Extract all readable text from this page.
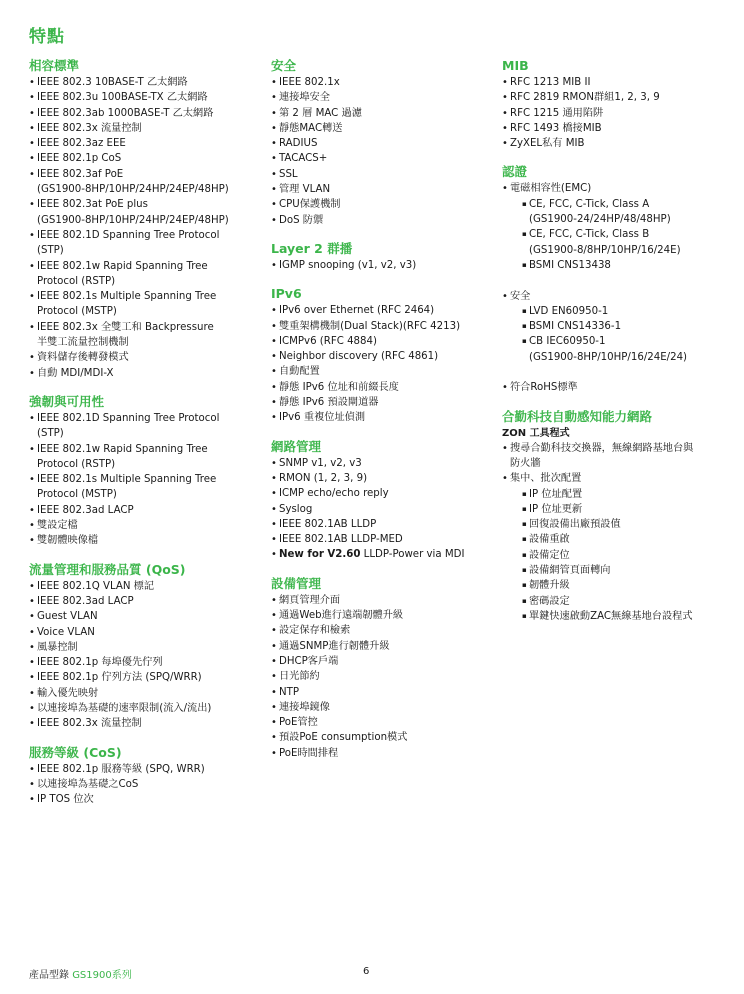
特點
相容標準
• IEEE 802.3 10BASE-T 乙太網路
• IEEE 802.3u 100BASE-TX 乙太網路
• IEEE 802.3ab 1000BASE-T 乙太網路
• IEEE 802.3x 流量控制
• IEEE 802.3az EEE
• IEEE 802.1p CoS
• IEEE 802.3af PoE
(GS1900-8HP/10HP/24HP/24EP/48HP)
• IEEE 802.3at PoE plus
(GS1900-8HP/10HP/24HP/24EP/48HP)
• IEEE 802.1D Spanning Tree Protocol
(STP)
• IEEE 802.1w Rapid Spanning Tree
Protocol (RSTP)
• IEEE 802.1s Multiple Spanning Tree
Protocol (MSTP)
• IEEE 802.3x 全雙工和 Backpressure
半雙工流量控制機制
• 資料儲存後轉發模式
• 自動 MDI/MDI-X
強韌與可用性
• IEEE 802.1D Spanning Tree Protocol
(STP)
• IEEE 802.1w Rapid Spanning Tree
Protocol (RSTP)
• IEEE 802.1s Multiple Spanning Tree
Protocol (MSTP)
• IEEE 802.3ad LACP
• 雙設定檔
• 雙韌體映像檔
流量管理和服務品質 (QoS)
• IEEE 802.1Q VLAN 標記
• IEEE 802.3ad LACP
• Guest VLAN
• Voice VLAN
• 風暴控制
• IEEE 802.1p 每埠優先佇列
• IEEE 802.1p 佇列方法 (SPQ/WRR)
• 輸入優先映射
• 以連接埠為基礎的速率限制(流入/流出)
• IEEE 802.3x 流量控制
服務等級 (CoS)
• IEEE 802.1p 服務等級 (SPQ, WRR)
• 以連接埠為基礎之CoS
• IP TOS 位次
安全
• IEEE 802.1x
• 連接埠安全
• 第 2 層 MAC 過濾
• 靜態MAC轉送
• RADIUS
• TACACS+
• SSL
• 管理 VLAN
• CPU保護機制
• DoS 防禦
Layer 2 群播
• IGMP snooping (v1, v2, v3)
IPv6
• IPv6 over Ethernet (RFC 2464)
• 雙重架構機制(Dual Stack)(RFC 4213)
• ICMPv6 (RFC 4884)
• Neighbor discovery (RFC 4861)
• 自動配置
• 靜態 IPv6 位址和前綴長度
• 靜態 IPv6 預設閘道器
• IPv6 重複位址偵測
網路管理
• SNMP v1, v2, v3
• RMON (1, 2, 3, 9)
• ICMP echo/echo reply
• Syslog
• IEEE 802.1AB LLDP
• IEEE 802.1AB LLDP-MED
• New for V2.60 LLDP-Power via MDI
設備管理
• 網頁管理介面
• 通過Web進行遠端韌體升級
• 設定保存和檢索
• 通過SNMP進行韌體升級
• DHCP客戶端
• 日光節約
• NTP
• 連接埠鏡像
• PoE管控
• 預設PoE consumption模式
• PoE時間排程
MIB
• RFC 1213 MIB II
• RFC 2819 RMON群組1, 2, 3, 9
• RFC 1215 通用陷阱
• RFC 1493 橋接MIB
• ZyXEL私有 MIB
認證
• 電磁相容性(EMC)

▪ CE, FCC, C-Tick, Class A
(GS1900-24/24HP/48/48HP)
▪ CE, FCC, C-Tick, Class B
(GS1900-8/8HP/10HP/16/24E)
▪ BSMI CNS13438

• 安全

▪ LVD EN60950-1
▪ BSMI CNS14336-1
▪ CB IEC60950-1
(GS1900-8HP/10HP/16/24E/24)

• 符合RoHS標準
合勤科技自動感知能力網路
ZON 工具程式
• 搜尋合勤科技交換器，無線網路基地台與
防火牆
• 集中、批次配置

▪ IP 位址配置
▪ IP 位址更新
▪ 回復設備出廠預設值
▪ 設備重啟
▪ 設備定位
▪ 設備網管頁面轉向
▪ 韌體升級
▪ 密碼設定
▪ 單鍵快速啟動ZAC無線基地台設程式

產品型錄 GS1900系列	6
